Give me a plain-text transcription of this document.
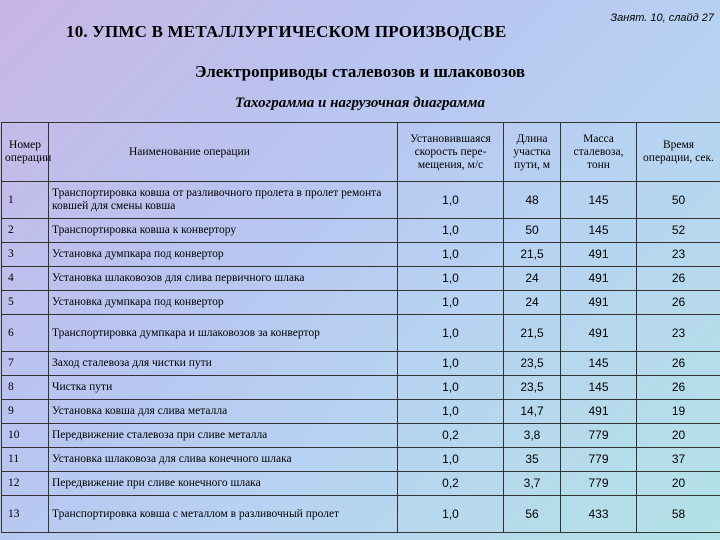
Занят. 10, слайд 27
10. УПМС В МЕТАЛЛУРГИЧЕСКОМ ПРОИЗВОДСВЕ
Электроприводы сталевозов и шлаковозов
Тахограмма и нагрузочная диаграмма
Номер операции	Наименование операции	Установившаяся скорость пере-мещения, м/с	Длина участка пути, м	Масса сталевоза, тонн	Время операции, сек.
1	Транспортировка ковша от разливочного пролета в пролет ремонта ковшей для смены ковша	1,0	48	145	50
2	Транспортировка ковша к конвертору	1,0	50	145	52
3	Установка думпкара под конвертор	1,0	21,5	491	23
4	Установка шлаковозов для слива первичного шлака	1,0	24	491	26
5	Установка думпкара под конвертор	1,0	24	491	26
6	Транспортировка думпкара и шлаковозов за конвертор	1,0	21,5	491	23
7	Заход сталевоза для чистки пути	1,0	23,5	145	26
8	Чистка пути	1,0	23,5	145	26
9	Установка ковша для слива металла	1,0	14,7	491	19
10	Передвижение сталевоза при сливе металла	0,2	3,8	779	20
11	Установка шлаковоза для слива конечного шлака	1,0	35	779	37
12	Передвижение при сливе конечного шлака	0,2	3,7	779	20
13	Транспортировка ковша с металлом в разливочный пролет	1,0	56	433	58
